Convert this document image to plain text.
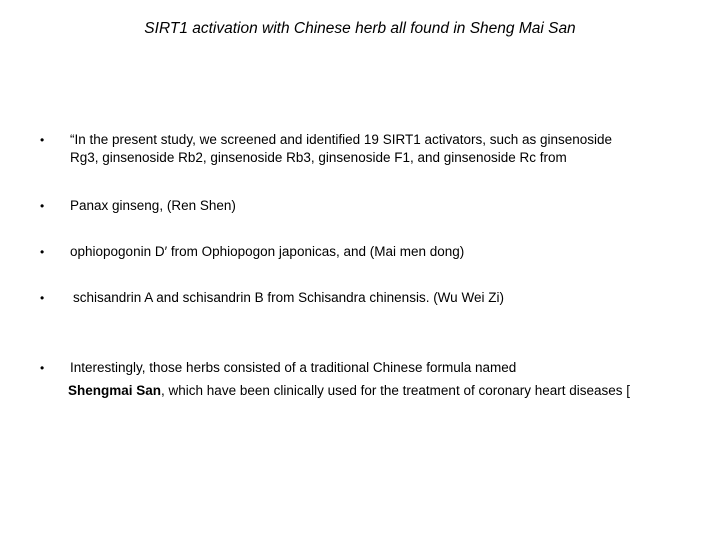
SIRT1 activation with Chinese herb all found in Sheng Mai San
•	“In the present study, we screened and identified 19 SIRT1 activators, such as ginsenoside
Rg3, ginsenoside Rb2, ginsenoside Rb3, ginsenoside F1, and ginsenoside Rc from
•	Panax ginseng, (Ren Shen)
•	ophiopogonin D′ from Ophiopogon japonicas, and (Mai men dong)
•	schisandrin A and schisandrin B from Schisandra chinensis. (Wu Wei Zi)
•	Interestingly, those herbs consisted of a traditional Chinese formula named
Shengmai San, which have been clinically used for the treatment of coronary heart diseases [
